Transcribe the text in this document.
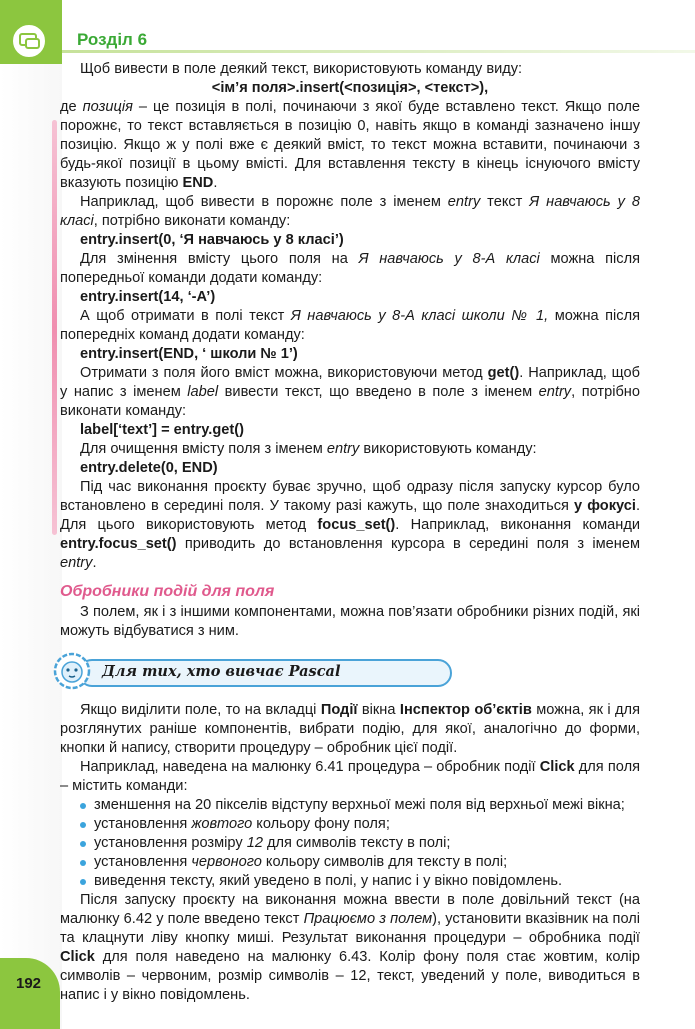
Розділ 6

Щоб вивести в поле деякий текст, використовують команду виду:

<ім’я поля>.insert(<позиція>, <текст>),

де позиція – це позиція в полі, починаючи з якої буде вставлено текст. Якщо поле порожнє, то текст вставляється в позицію 0, навіть якщо в команді зазначено іншу позицію. Якщо ж у полі вже є деякий вміст, то текст можна вставити, починаючи з будь-якої позиції в цьому вмісті. Для вставлення тексту в кінець існуючого вмісту вказують позицію END.

Наприклад, щоб вивести в порожнє поле з іменем entry текст Я навчаюсь у 8 класі, потрібно виконати команду:

entry.insert(0, ‘Я навчаюсь у 8 класі’)

Для змінення вмісту цього поля на Я навчаюсь у 8-А класі можна після попередньої команди додати команду:

entry.insert(14, ‘-А’)

А щоб отримати в полі текст Я навчаюсь у 8-А класі школи № 1, можна після попередніх команд додати команду:

entry.insert(END, ‘ школи № 1’)

Отримати з поля його вміст можна, використовуючи метод get(). Наприклад, щоб у напис з іменем label вивести текст, що введено в поле з іменем entry, потрібно виконати команду:

label[‘text’] = entry.get()

Для очищення вмісту поля з іменем entry використовують команду:

entry.delete(0, END)

Під час виконання проєкту буває зручно, щоб одразу після запуску курсор було встановлено в середині поля. У такому разі кажуть, що поле знаходиться у фокусі. Для цього використовують метод focus_set(). Наприклад, виконання команди entry.focus_set() приводить до встановлення курсора в середині поля з іменем entry.

Обробники подій для поля

З полем, як і з іншими компонентами, можна пов’язати обробники різних подій, які можуть відбуватися з ним.

Для тих, хто вивчає Pascal

Якщо виділити поле, то на вкладці Події вікна Інспектор об’єктів можна, як і для розглянутих раніше компонентів, вибрати подію, для якої, аналогічно до форми, кнопки й напису, створити процедуру – обробник цієї події.

Наприклад, наведена на малюнку 6.41 процедура – обробник події Click для поля – містить команди:

зменшення на 20 пікселів відступу верхньої межі поля від верхньої межі вікна;
установлення жовтого кольору фону поля;
установлення розміру 12 для символів тексту в полі;
установлення червоного кольору символів для тексту в полі;
виведення тексту, який уведено в полі, у напис і у вікно повідомлень.

Після запуску проєкту на виконання можна ввести в поле довільний текст (на малюнку 6.42 у поле введено текст Працюємо з полем), установити вказівник на полі та клацнути ліву кнопку миші. Результат виконання процедури – обробника події Click для поля наведено на малюнку 6.43. Колір фону поля стає жовтим, колір символів – червоним, розмір символів – 12, текст, уведений у поле, виводиться в напис і у вікно повідомлень.

192
